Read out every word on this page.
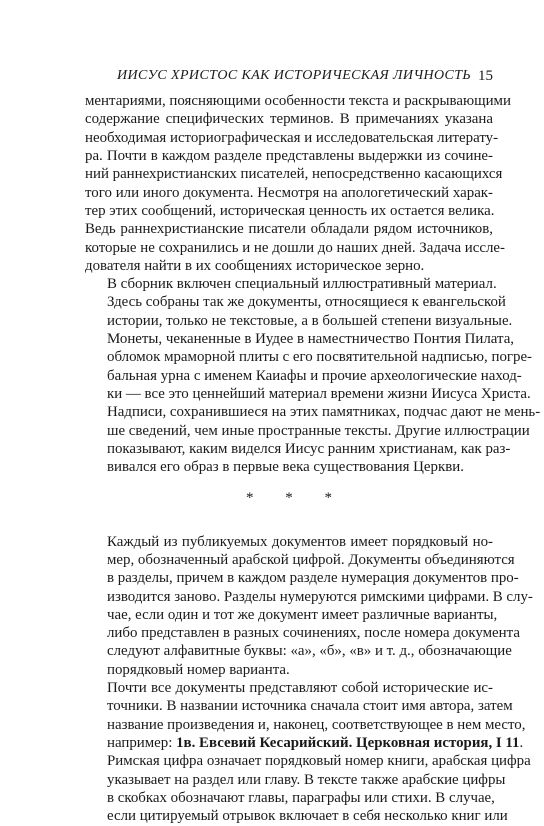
ИИСУС ХРИСТОС КАК ИСТОРИЧЕСКАЯ ЛИЧНОСТЬ 15

ментариями, поясняющими особенности текста и раскрывающими
содержание специфических терминов. В примечаниях указана
необходимая историографическая и исследовательская литерату-
ра. Почти в каждом разделе представлены выдержки из сочине-
ний раннехристианских писателей, непосредственно касающихся
того или иного документа. Несмотря на апологетический харак-
тер этих сообщений, историческая ценность их остается велика.
Ведь раннехристианские писатели обладали рядом источников,
которые не сохранились и не дошли до наших дней. Задача иссле-
дователя найти в их сообщениях историческое зерно.

В сборник включен специальный иллюстративный материал.
Здесь собраны так же документы, относящиеся к евангельской
истории, только не текстовые, а в большей степени визуальные.
Монеты, чеканенные в Иудее в наместничество Понтия Пилата,
обломок мраморной плиты с его посвятительной надписью, погре-
бальная урна с именем Каиафы и прочие археологические наход-
ки — все это ценнейший материал времени жизни Иисуса Христа.
Надписи, сохранившиеся на этих памятниках, подчас дают не мень-
ше сведений, чем иные пространные тексты. Другие иллюстрации
показывают, каким виделся Иисус ранним христианам, как раз-
вивался его образ в первые века существования Церкви.

* * *

Каждый из публикуемых документов имеет порядковый но-
мер, обозначенный арабской цифрой. Документы объединяются
в разделы, причем в каждом разделе нумерация документов про-
изводится заново. Разделы нумеруются римскими цифрами. В слу-
чае, если один и тот же документ имеет различные варианты,
либо представлен в разных сочинениях, после номера документа
следуют алфавитные буквы: «а», «б», «в» и т. д., обозначающие
порядковый номер варианта.

Почти все документы представляют собой исторические ис-
точники. В названии источника сначала стоит имя автора, затем
название произведения и, наконец, соответствующее в нем место,
например: 1в. Евсевий Кесарийский. Церковная история, I 11.
Римская цифра означает порядковый номер книги, арабская цифра
указывает на раздел или главу. В тексте также арабские цифры
в скобках обозначают главы, параграфы или стихи. В случае,
если цитируемый отрывок включает в себя несколько книг или
